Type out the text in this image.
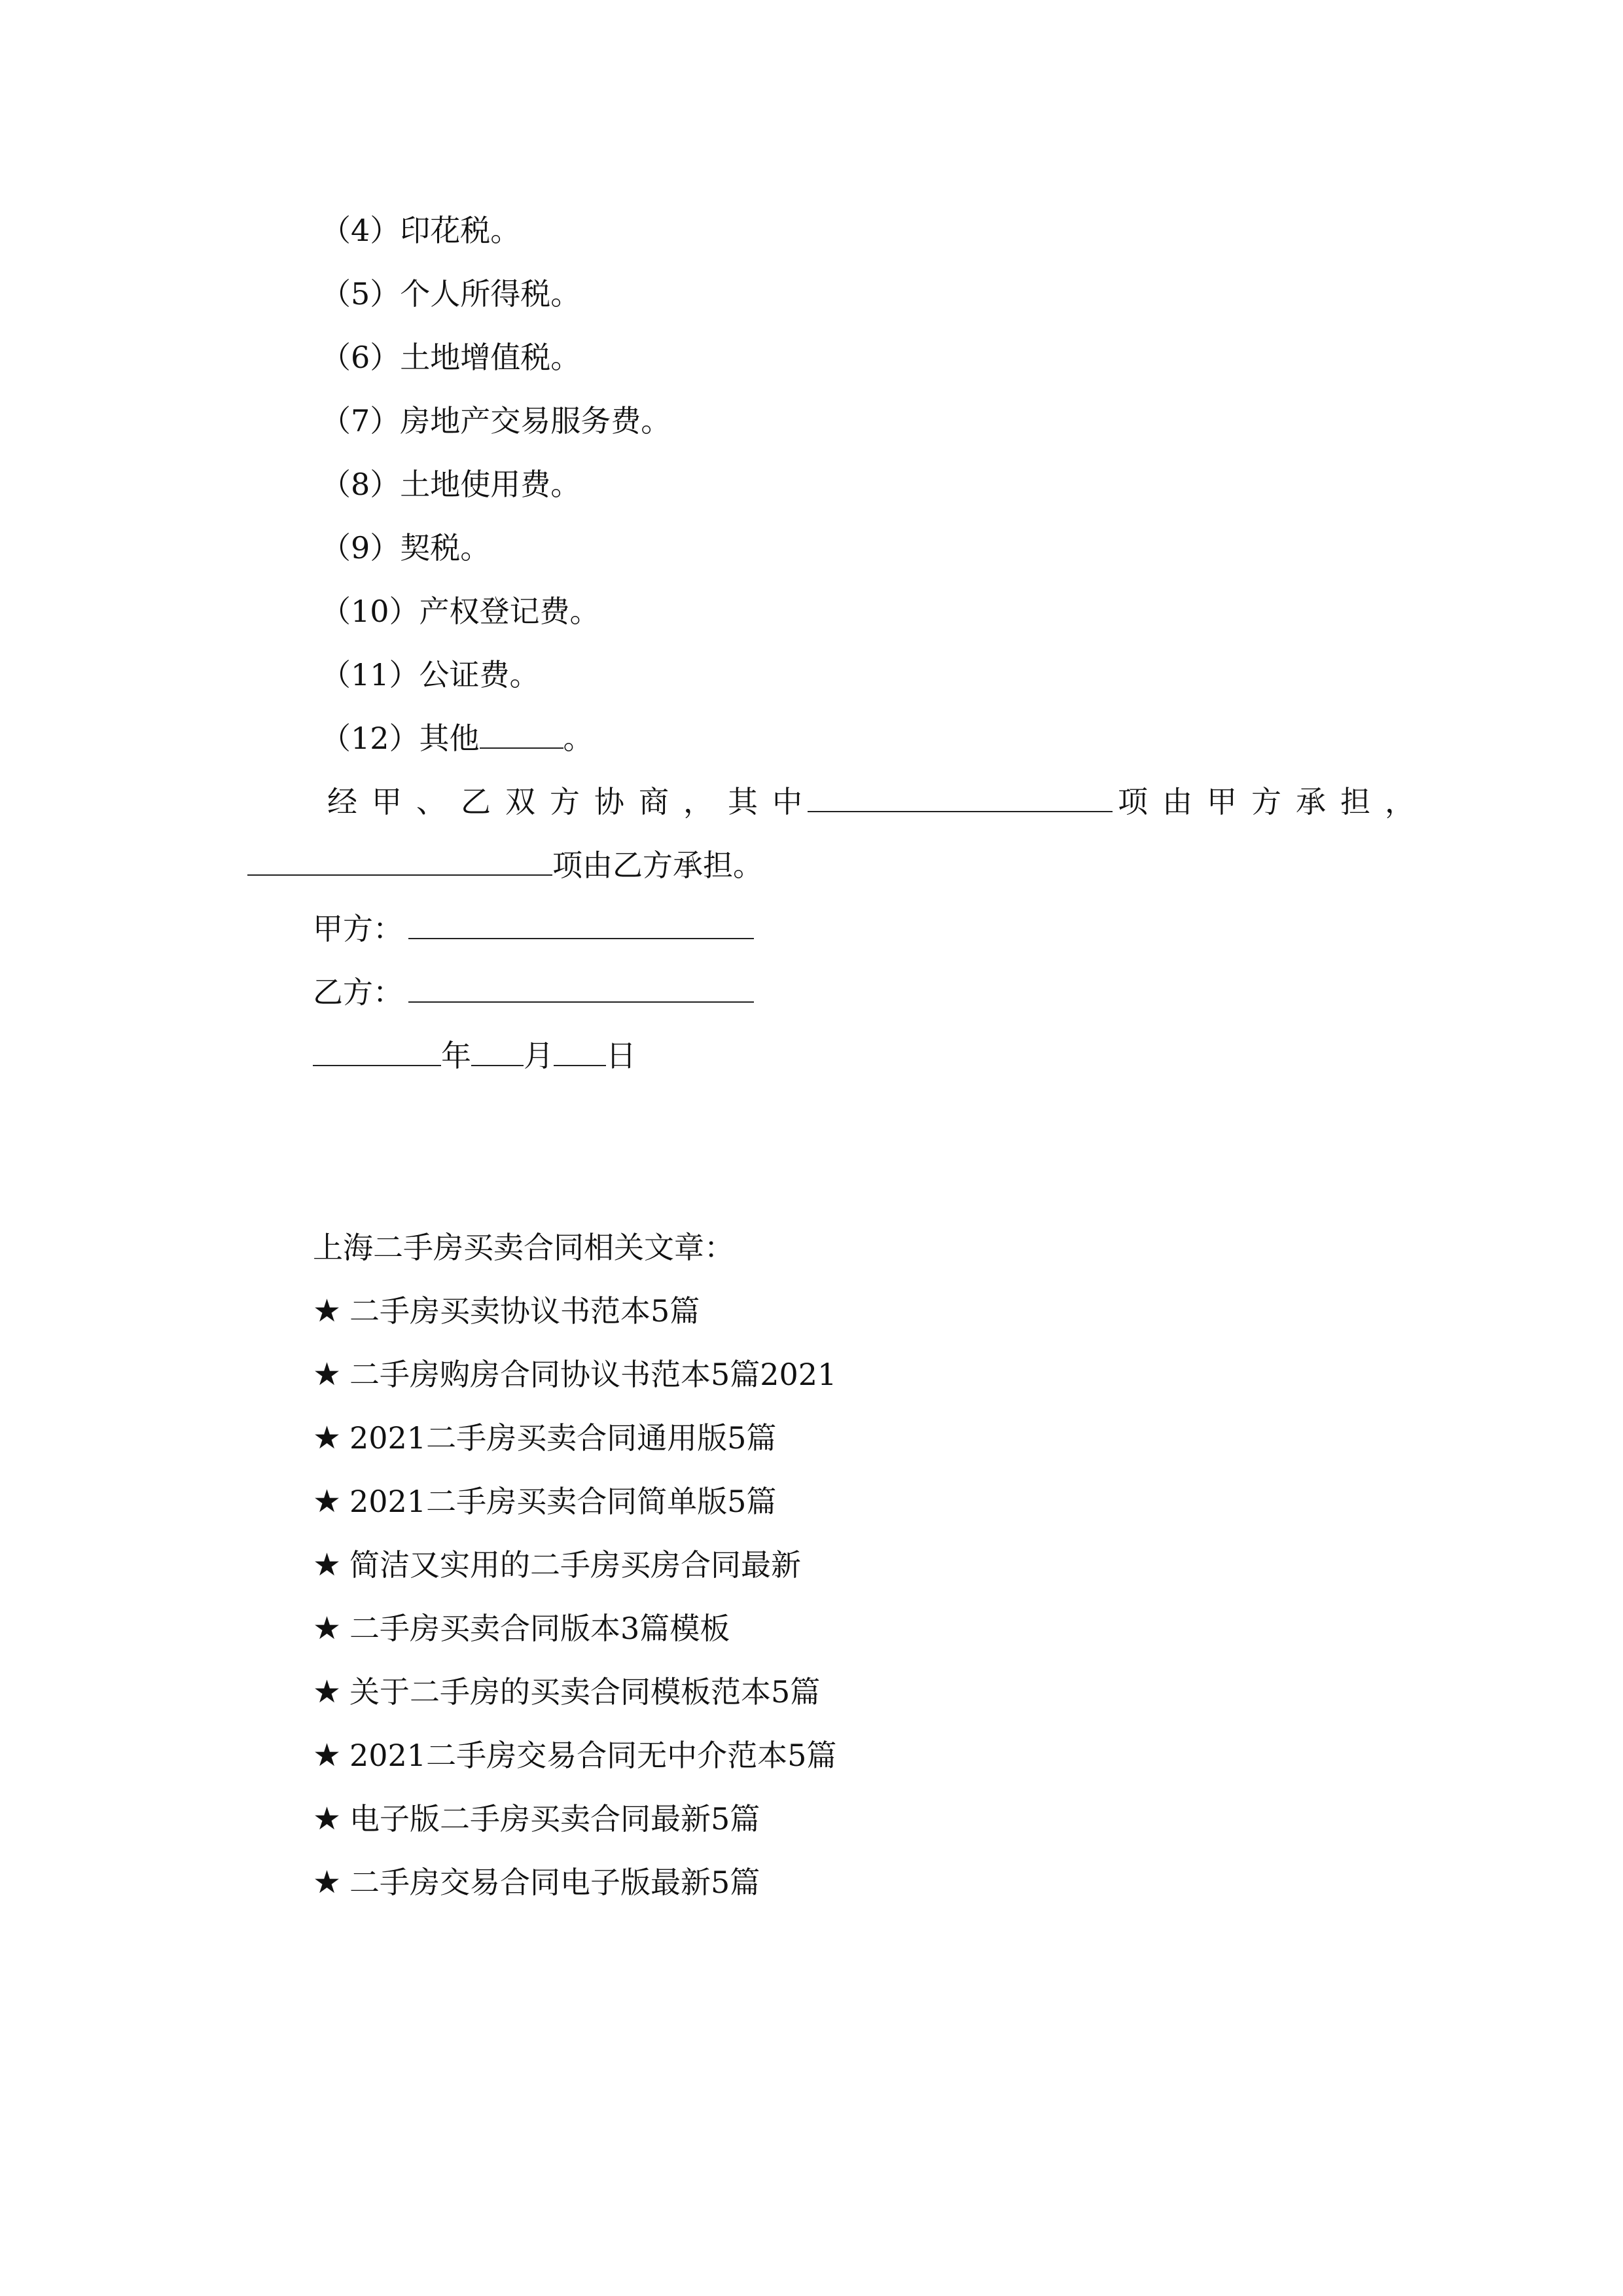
（4）印花税。
（5）个人所得税。
（6）土地增值税。
（7）房地产交易服务费。
（8）土地使用费。
（9）契税。
（10）产权登记费。
（11）公证费。
（12）其他	。
经甲、乙双方协商，其中	项由甲方承担，
项由乙方承担。
甲方：
乙方：
年 月 日
上海二手房买卖合同相关文章：
★ 二手房买卖协议书范本5篇
★ 二手房购房合同协议书范本5篇2021
★ 2021二手房买卖合同通用版5篇
★ 2021二手房买卖合同简单版5篇
★ 简洁又实用的二手房买房合同最新
★ 二手房买卖合同版本3篇模板
★ 关于二手房的买卖合同模板范本5篇
★ 2021二手房交易合同无中介范本5篇
★ 电子版二手房买卖合同最新5篇
★ 二手房交易合同电子版最新5篇
